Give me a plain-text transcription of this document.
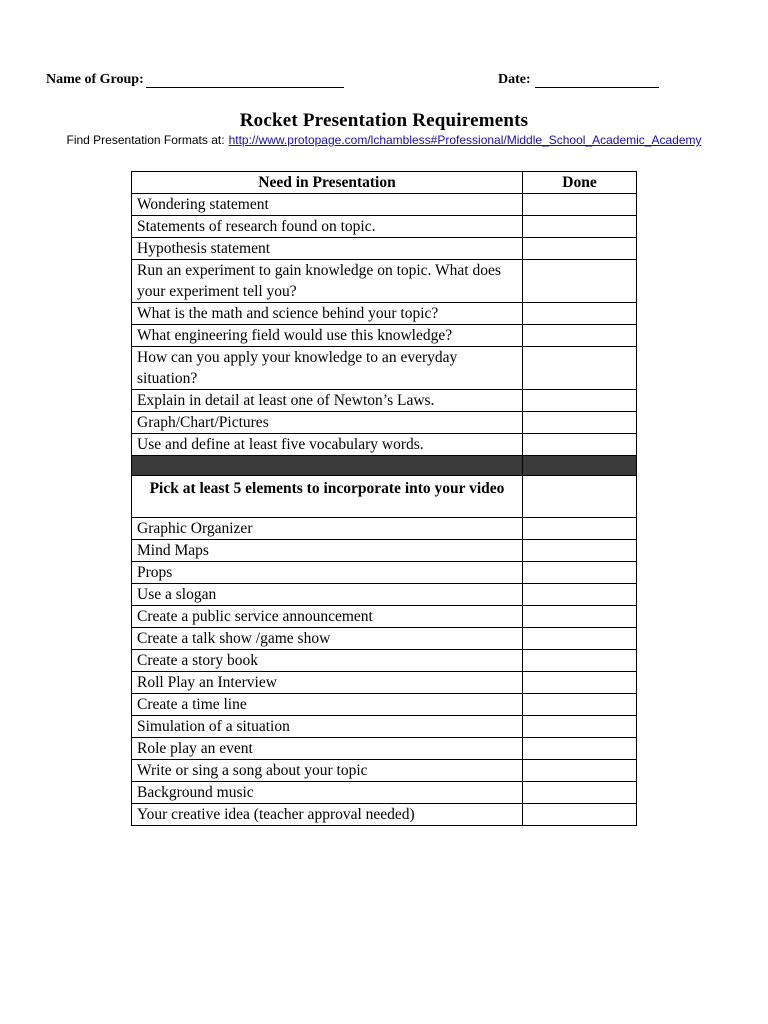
Name of Group:	Date:
Rocket Presentation Requirements
Find Presentation Formats at: http://www.protopage.com/lchambless#Professional/Middle_School_Academic_Academy
Need in Presentation	Done
Wondering statement	
Statements of research found on topic.	
Hypothesis statement	
Run an experiment to gain knowledge on topic. What does your experiment tell you?	
What is the math and science behind your topic?	
What engineering field would use this knowledge?	
How can you apply your knowledge to an everyday situation?	
Explain in detail at least one of Newton’s Laws.	
Graph/Chart/Pictures	
Use and define at least five vocabulary words.	

Pick at least 5 elements to incorporate into your video	
Graphic Organizer	
Mind Maps	
Props	
Use a slogan	
Create a public service announcement	
Create a talk show /game show	
Create a story book	
Roll Play an Interview	
Create a time line	
Simulation of a situation	
Role play an event	
Write or sing a song about your topic	
Background music	
Your creative idea (teacher approval needed)	
